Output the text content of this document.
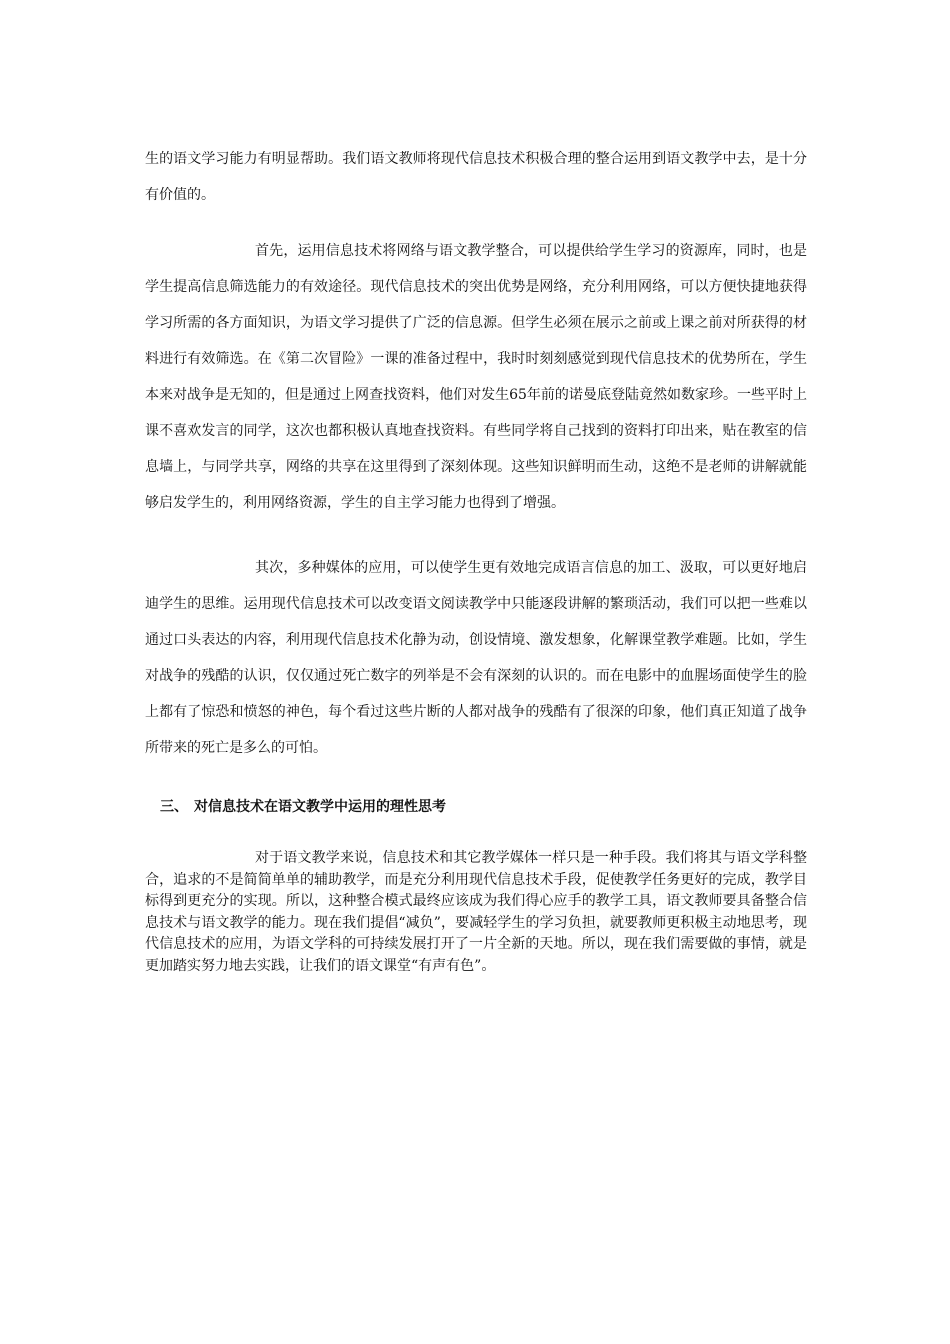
生的语文学习能力有明显帮助。我们语文教师将现代信息技术积极合理的整合运用到语文教学中去，是十分有价值的。

首先，运用信息技术将网络与语文教学整合，可以提供给学生学习的资源库，同时，也是学生提高信息筛选能力的有效途径。现代信息技术的突出优势是网络，充分利用网络，可以方便快捷地获得学习所需的各方面知识，为语文学习提供了广泛的信息源。但学生必须在展示之前或上课之前对所获得的材料进行有效筛选。在《第二次冒险》一课的准备过程中，我时时刻刻感觉到现代信息技术的优势所在，学生本来对战争是无知的，但是通过上网查找资料，他们对发生65年前的诺曼底登陆竟然如数家珍。一些平时上课不喜欢发言的同学，这次也都积极认真地查找资料。有些同学将自己找到的资料打印出来，贴在教室的信息墙上，与同学共享，网络的共享在这里得到了深刻体现。这些知识鲜明而生动，这绝不是老师的讲解就能够启发学生的，利用网络资源，学生的自主学习能力也得到了增强。

其次，多种媒体的应用，可以使学生更有效地完成语言信息的加工、汲取，可以更好地启迪学生的思维。运用现代信息技术可以改变语文阅读教学中只能逐段讲解的繁琐活动，我们可以把一些难以通过口头表达的内容，利用现代信息技术化静为动，创设情境、激发想象，化解课堂教学难题。比如，学生对战争的残酷的认识，仅仅通过死亡数字的列举是不会有深刻的认识的。而在电影中的血腥场面使学生的脸上都有了惊恐和愤怒的神色，每个看过这些片断的人都对战争的残酷有了很深的印象，他们真正知道了战争所带来的死亡是多么的可怕。

三、 对信息技术在语文教学中运用的理性思考

对于语文教学来说，信息技术和其它教学媒体一样只是一种手段。我们将其与语文学科整合，追求的不是简简单单的辅助教学，而是充分利用现代信息技术手段，促使教学任务更好的完成，教学目标得到更充分的实现。所以，这种整合模式最终应该成为我们得心应手的教学工具，语文教师要具备整合信息技术与语文教学的能力。现在我们提倡“减负”，要减轻学生的学习负担，就要教师更积极主动地思考，现代信息技术的应用，为语文学科的可持续发展打开了一片全新的天地。所以，现在我们需要做的事情，就是更加踏实努力地去实践，让我们的语文课堂“有声有色”。
